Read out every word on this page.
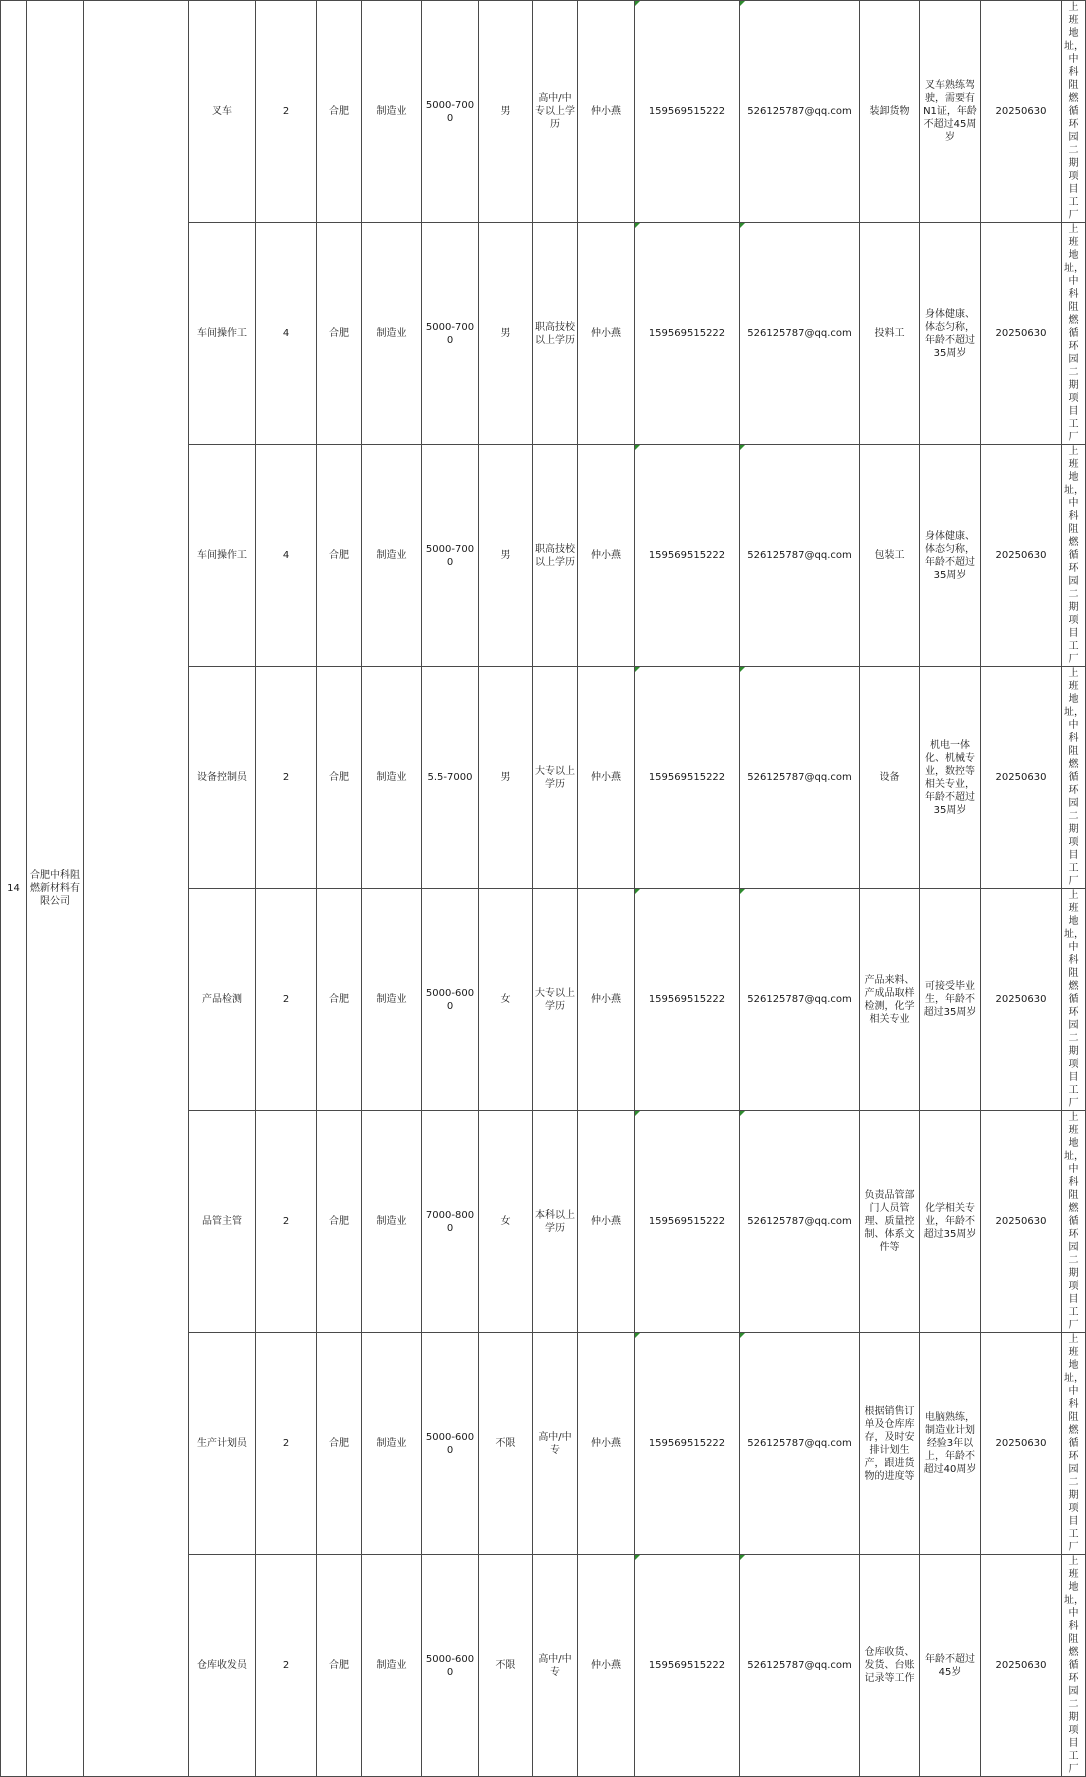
14	合肥中科阻燃新材料有限公司		叉车	2	合肥	制造业	5000-7000	男	高中/中专以上学历	仲小燕	159569515222	526125787@qq.com	装卸货物	叉车熟练驾驶，需要有N1证，年龄不超过45周岁	20250630	上班地址，中科阻燃循环园二期项目工厂
			车间操作工	4	合肥	制造业	5000-7000	男	职高技校以上学历	仲小燕	159569515222	526125787@qq.com	投料工	身体健康、体态匀称，年龄不超过35周岁	20250630	上班地址，中科阻燃循环园二期项目工厂
			车间操作工	4	合肥	制造业	5000-7000	男	职高技校以上学历	仲小燕	159569515222	526125787@qq.com	包装工	身体健康、体态匀称，年龄不超过35周岁	20250630	上班地址，中科阻燃循环园二期项目工厂
			设备控制员	2	合肥	制造业	5.5-7000	男	大专以上学历	仲小燕	159569515222	526125787@qq.com	设备	机电一体化、机械专业，数控等相关专业，年龄不超过35周岁	20250630	上班地址，中科阻燃循环园二期项目工厂
			产品检测	2	合肥	制造业	5000-6000	女	大专以上学历	仲小燕	159569515222	526125787@qq.com	产品来料、产成品取样检测，化学相关专业	可接受毕业生，年龄不超过35周岁	20250630	上班地址，中科阻燃循环园二期项目工厂
			品管主管	2	合肥	制造业	7000-8000	女	本科以上学历	仲小燕	159569515222	526125787@qq.com	负责品管部门人员管理、质量控制、体系文件等	化学相关专业，年龄不超过35周岁	20250630	上班地址，中科阻燃循环园二期项目工厂
			生产计划员	2	合肥	制造业	5000-6000	不限	高中/中专	仲小燕	159569515222	526125787@qq.com	根据销售订单及仓库库存，及时安排计划生产，跟进货物的进度等	电脑熟练，制造业计划经验3年以上，年龄不超过40周岁	20250630	上班地址，中科阻燃循环园二期项目工厂
			仓库收发员	2	合肥	制造业	5000-6000	不限	高中/中专	仲小燕	159569515222	526125787@qq.com	仓库收货、发货、台账记录等工作	年龄不超过45岁	20250630	上班地址，中科阻燃循环园二期项目工厂
